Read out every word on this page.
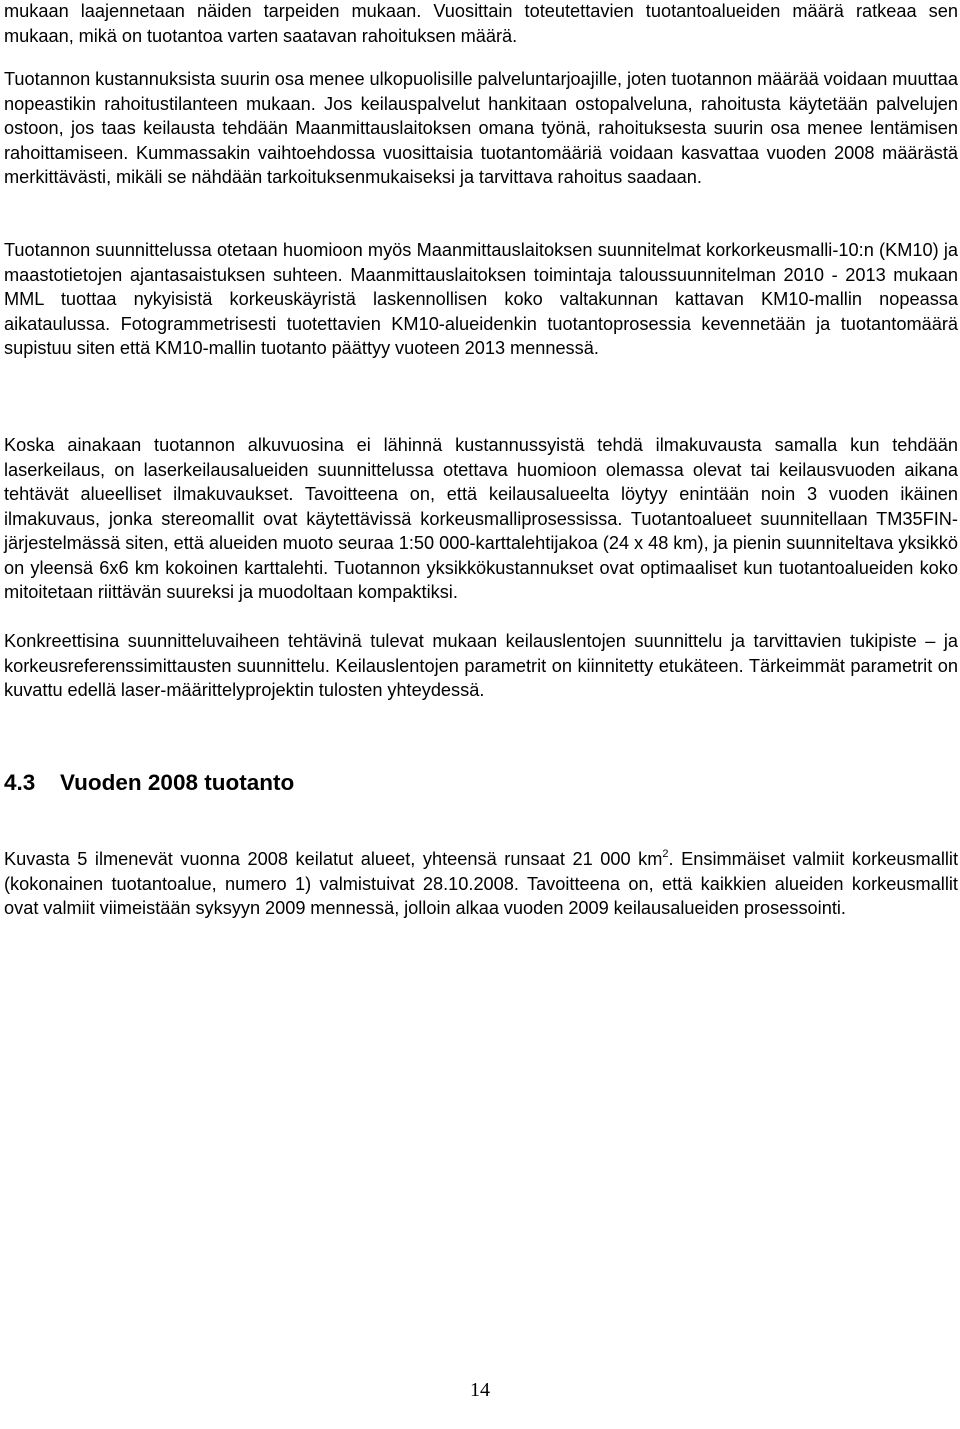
mukaan laajennetaan näiden tarpeiden mukaan. Vuosittain toteutettavien tuotantoalueiden määrä ratkeaa sen mukaan, mikä on tuotantoa varten saatavan rahoituksen määrä.

Tuotannon kustannuksista suurin osa menee ulkopuolisille palveluntarjoajille, joten tuotannon määrää voidaan muuttaa nopeastikin rahoitustilanteen mukaan. Jos keilauspalvelut hankitaan ostopalveluna, rahoitusta käytetään palvelujen ostoon, jos taas keilausta tehdään Maanmittauslaitoksen omana työnä, rahoituksesta suurin osa menee lentämisen rahoittamiseen. Kummassakin vaihtoehdossa vuosittaisia tuotantomääriä voidaan kasvattaa vuoden 2008 määrästä merkittävästi, mikäli se nähdään tarkoituksenmukaiseksi ja tarvittava rahoitus saadaan.

Tuotannon suunnittelussa otetaan huomioon myös Maanmittauslaitoksen suunnitelmat korkorkeusmalli-10:n (KM10) ja maastotietojen ajantasaistuksen suhteen. Maanmittauslaitoksen toimintaja taloussuunnitelman 2010 - 2013 mukaan MML tuottaa nykyisistä korkeuskäyristä laskennollisen koko valtakunnan kattavan KM10-mallin nopeassa aikataulussa. Fotogrammetrisesti tuotettavien KM10-alueidenkin tuotantoprosessia kevennetään ja tuotantomäärä supistuu siten että KM10-mallin tuotanto päättyy vuoteen 2013 mennessä.

Koska ainakaan tuotannon alkuvuosina ei lähinnä kustannussyistä tehdä ilmakuvausta samalla kun tehdään laserkeilaus, on laserkeilausalueiden suunnittelussa otettava huomioon olemassa olevat tai keilausvuoden aikana tehtävät alueelliset ilmakuvaukset. Tavoitteena on, että keilausalueelta löytyy enintään noin 3 vuoden ikäinen ilmakuvaus, jonka stereomallit ovat käytettävissä korkeusmalliprosessissa. Tuotantoalueet suunnitellaan TM35FIN-järjestelmässä siten, että alueiden muoto seuraa 1:50 000-karttalehtijakoa (24 x 48 km), ja pienin suunniteltava yksikkö on yleensä 6x6 km kokoinen karttalehti. Tuotannon yksikkökustannukset ovat optimaaliset kun tuotantoalueiden koko mitoitetaan riittävän suureksi ja muodoltaan kompaktiksi.

Konkreettisina suunnitteluvaiheen tehtävinä tulevat mukaan keilauslentojen suunnittelu ja tarvittavien tukipiste – ja korkeusreferenssimittausten suunnittelu. Keilauslentojen parametrit on kiinnitetty etukäteen. Tärkeimmät parametrit on kuvattu edellä laser-määrittelyprojektin tulosten yhteydessä.

4.3 Vuoden 2008 tuotanto

Kuvasta 5 ilmenevät vuonna 2008 keilatut alueet, yhteensä runsaat 21 000 $km^2$. Ensimmäiset valmiit korkeusmallit (kokonainen tuotantoalue, numero 1) valmistuivat 28.10.2008. Tavoitteena on, että kaikkien alueiden korkeusmallit ovat valmiit viimeistään syksyyn 2009 mennessä, jolloin alkaa vuoden 2009 keilausalueiden prosessointi.

14
